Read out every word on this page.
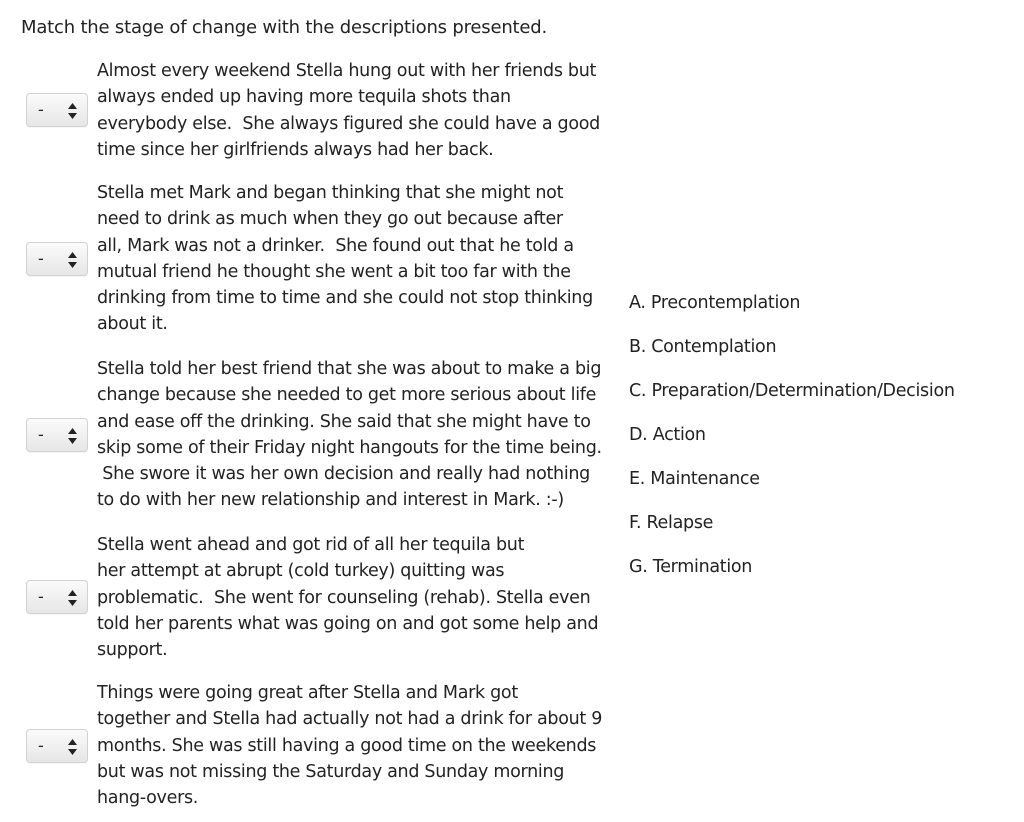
Match the stage of change with the descriptions presented.
-
Almost every weekend Stella hung out with her friends but
always ended up having more tequila shots than
everybody else.  She always figured she could have a good
time since her girlfriends always had her back.
-
Stella met Mark and began thinking that she might not
need to drink as much when they go out because after
all, Mark was not a drinker.  She found out that he told a
mutual friend he thought she went a bit too far with the
drinking from time to time and she could not stop thinking
about it.
-
Stella told her best friend that she was about to make a big
change because she needed to get more serious about life
and ease off the drinking. She said that she might have to
skip some of their Friday night hangouts for the time being.
She swore it was her own decision and really had nothing
to do with her new relationship and interest in Mark. :-)
-
Stella went ahead and got rid of all her tequila but
her attempt at abrupt (cold turkey) quitting was
problematic.  She went for counseling (rehab). Stella even
told her parents what was going on and got some help and
support.
-
Things were going great after Stella and Mark got
together and Stella had actually not had a drink for about 9
months. She was still having a good time on the weekends
but was not missing the Saturday and Sunday morning
hang-overs.
A. Precontemplation
B. Contemplation
C. Preparation/Determination/Decision
D. Action
E. Maintenance
F. Relapse
G. Termination
